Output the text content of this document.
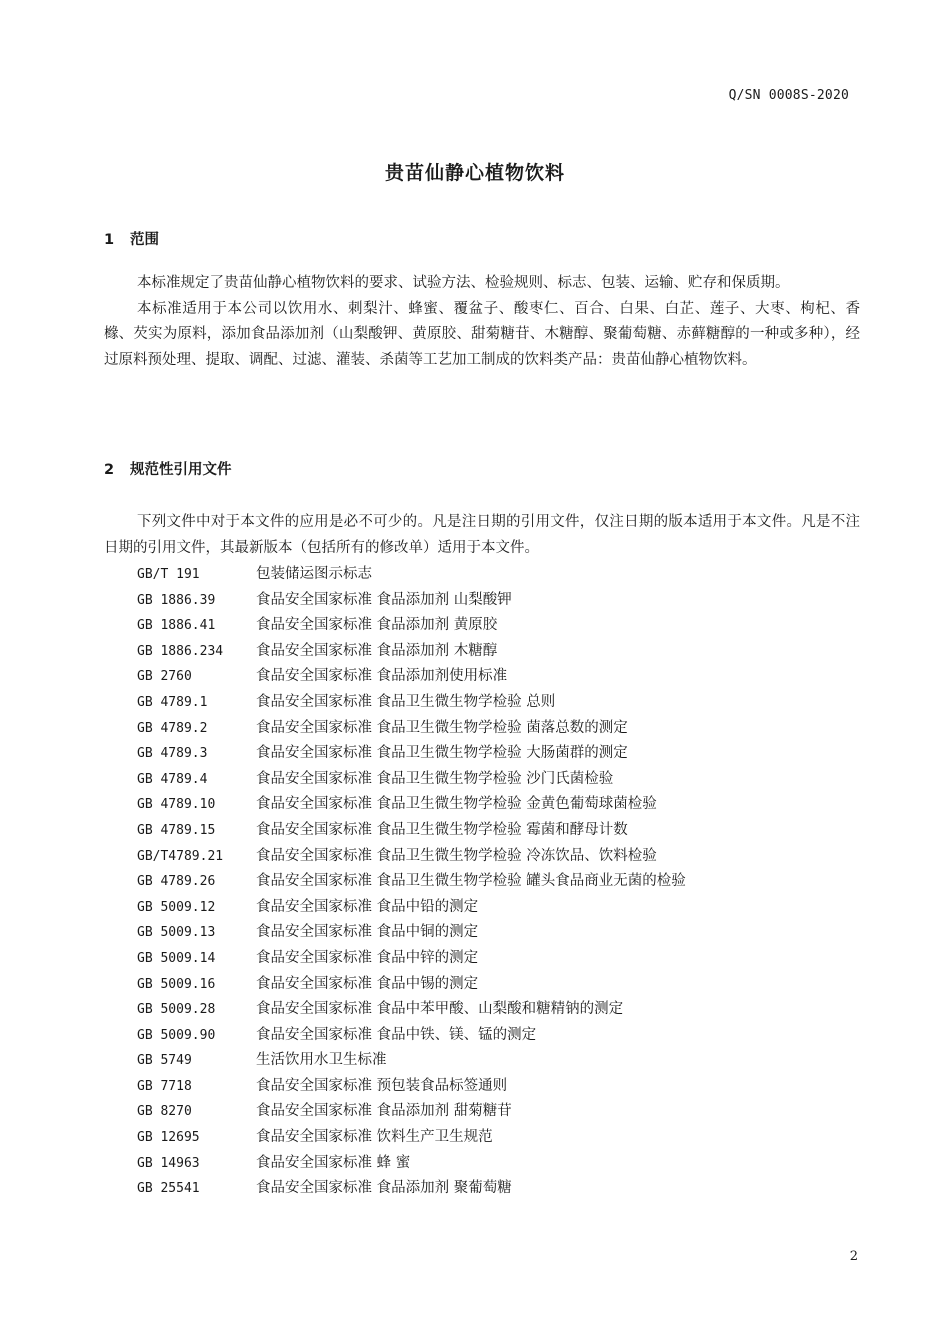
Q/SN 0008S-2020
贵苗仙静心植物饮料
1 范围

本标准规定了贵苗仙静心植物饮料的要求、试验方法、检验规则、标志、包装、运输、贮存和保质期。

本标准适用于本公司以饮用水、刺梨汁、蜂蜜、覆盆子、酸枣仁、百合、白果、白芷、莲子、大枣、枸杞、香橼、芡实为原料，添加食品添加剂（山梨酸钾、黄原胶、甜菊糖苷、木糖醇、聚葡萄糖、赤藓糖醇的一种或多种），经过原料预处理、提取、调配、过滤、灌装、杀菌等工艺加工制成的饮料类产品：贵苗仙静心植物饮料。

2 规范性引用文件

下列文件中对于本文件的应用是必不可少的。凡是注日期的引用文件，仅注日期的版本适用于本文件。凡是不注日期的引用文件，其最新版本（包括所有的修改单）适用于本文件。

GB/T 191	包装储运图示标志
GB 1886.39	食品安全国家标准 食品添加剂 山梨酸钾
GB 1886.41	食品安全国家标准 食品添加剂 黄原胶
GB 1886.234 食品安全国家标准 食品添加剂 木糖醇
GB 2760	食品安全国家标准 食品添加剂使用标准
GB 4789.1	食品安全国家标准 食品卫生微生物学检验 总则
GB 4789.2	食品安全国家标准 食品卫生微生物学检验 菌落总数的测定
GB 4789.3	食品安全国家标准 食品卫生微生物学检验 大肠菌群的测定
GB 4789.4	食品安全国家标准 食品卫生微生物学检验 沙门氏菌检验
GB 4789.10	食品安全国家标准 食品卫生微生物学检验 金黄色葡萄球菌检验
GB 4789.15	食品安全国家标准 食品卫生微生物学检验 霉菌和酵母计数
GB/T4789.21 食品安全国家标准 食品卫生微生物学检验 冷冻饮品、饮料检验
GB 4789.26	食品安全国家标准 食品卫生微生物学检验 罐头食品商业无菌的检验
GB 5009.12	食品安全国家标准 食品中铅的测定
GB 5009.13	食品安全国家标准 食品中铜的测定
GB 5009.14	食品安全国家标准 食品中锌的测定
GB 5009.16	食品安全国家标准 食品中锡的测定
GB 5009.28	食品安全国家标准 食品中苯甲酸、山梨酸和糖精钠的测定
GB 5009.90	食品安全国家标准 食品中铁、镁、锰的测定
GB 5749	生活饮用水卫生标准
GB 7718	食品安全国家标准 预包装食品标签通则
GB 8270	食品安全国家标准 食品添加剂 甜菊糖苷
GB 12695	食品安全国家标准 饮料生产卫生规范
GB 14963	食品安全国家标准 蜂 蜜
GB 25541	食品安全国家标准 食品添加剂 聚葡萄糖
2
